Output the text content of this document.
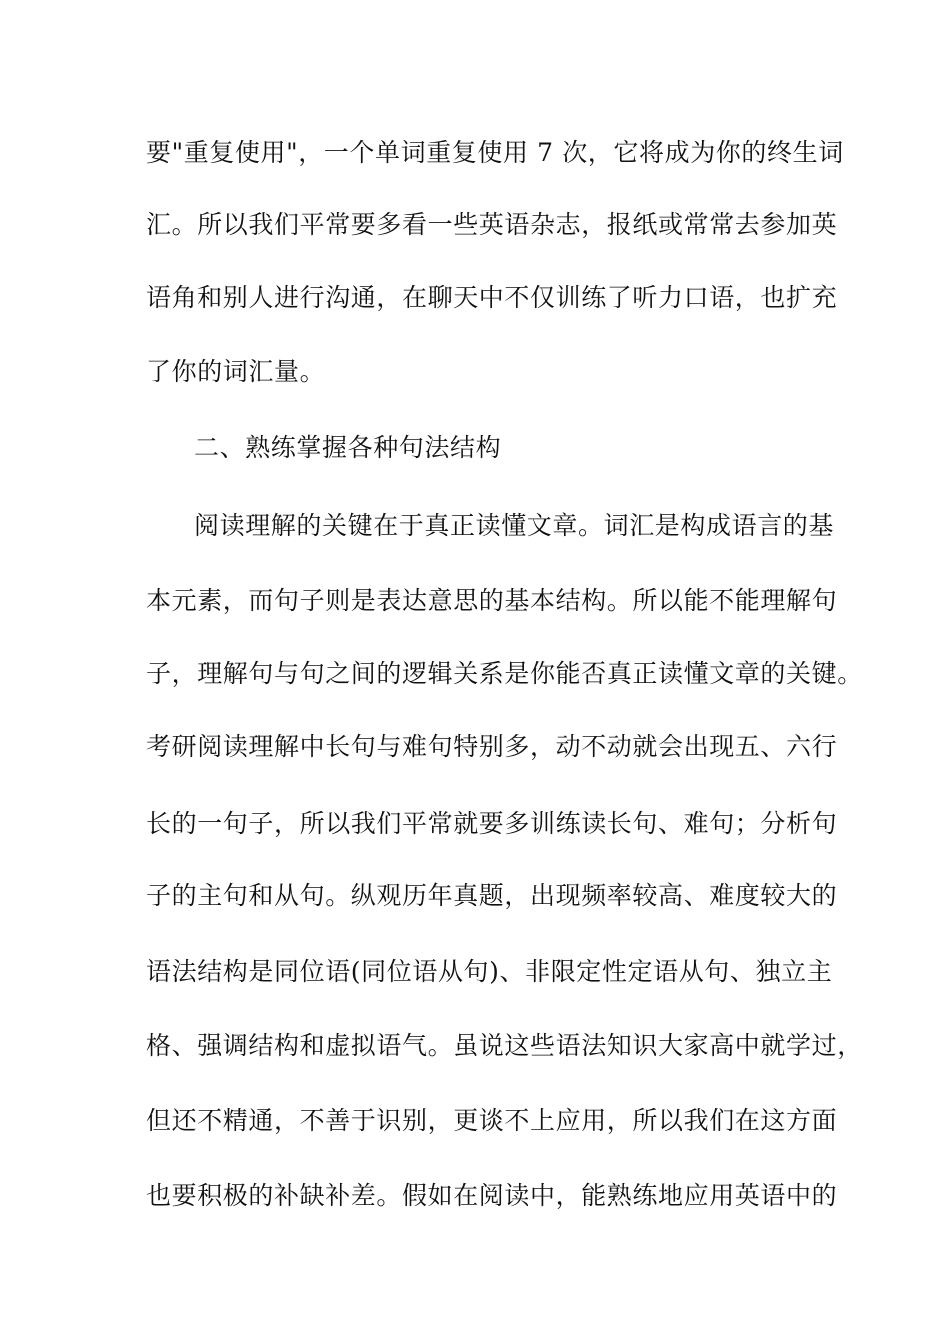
要"重复使用"，一个单词重复使用 7 次，它将成为你的终生词
汇。所以我们平常要多看一些英语杂志，报纸或常常去参加英
语角和别人进行沟通，在聊天中不仅训练了听力口语，也扩充
了你的词汇量。
二、熟练掌握各种句法结构
阅读理解的关键在于真正读懂文章。词汇是构成语言的基
本元素，而句子则是表达意思的基本结构。所以能不能理解句
子，理解句与句之间的逻辑关系是你能否真正读懂文章的关键。
考研阅读理解中长句与难句特别多，动不动就会出现五、六行
长的一句子，所以我们平常就要多训练读长句、难句；分析句
子的主句和从句。纵观历年真题，出现频率较高、难度较大的
语法结构是同位语(同位语从句)、非限定性定语从句、独立主
格、强调结构和虚拟语气。虽说这些语法知识大家高中就学过，
但还不精通，不善于识别，更谈不上应用，所以我们在这方面
也要积极的补缺补差。假如在阅读中，能熟练地应用英语中的
